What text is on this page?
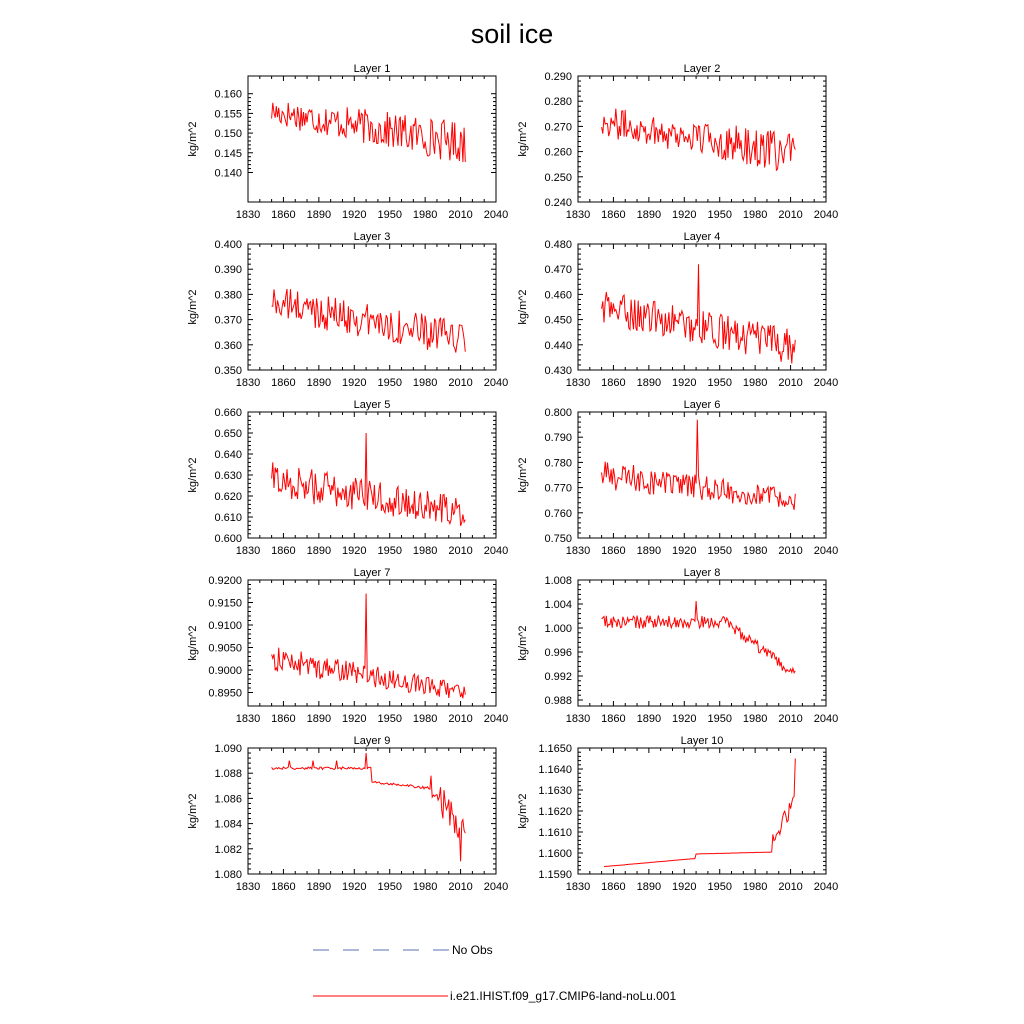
soil ice
Layer 1
kg/m^2
1830 1860 1890 1920 1950 1980 2010 2040
0.140
0.145
0.150
0.155
0.160
Layer 2
kg/m^2
1830 1860 1890 1920 1950 1980 2010 2040
0.240
0.250
0.260
0.270
0.280
0.290
Layer 3
kg/m^2
1830 1860 1890 1920 1950 1980 2010 2040
0.350
0.360
0.370
0.380
0.390
0.400
Layer 4
kg/m^2
1830 1860 1890 1920 1950 1980 2010 2040
0.430
0.440
0.450
0.460
0.470
0.480
Layer 5
kg/m^2
1830 1860 1890 1920 1950 1980 2010 2040
0.600
0.610
0.620
0.630
0.640
0.650
0.660
Layer 6
kg/m^2
1830 1860 1890 1920 1950 1980 2010 2040
0.750
0.760
0.770
0.780
0.790
0.800
Layer 7
kg/m^2
1830 1860 1890 1920 1950 1980 2010 2040
0.8950
0.9000
0.9050
0.9100
0.9150
0.9200
Layer 8
kg/m^2
1830 1860 1890 1920 1950 1980 2010 2040
0.988
0.992
0.996
1.000
1.004
1.008
Layer 9
kg/m^2
1830 1860 1890 1920 1950 1980 2010 2040
1.080
1.082
1.084
1.086
1.088
1.090
Layer 10
kg/m^2
1830 1860 1890 1920 1950 1980 2010 2040
1.1590
1.1600
1.1610
1.1620
1.1630
1.1640
1.1650
No Obs
i.e21.IHIST.f09_g17.CMIP6-land-noLu.001
